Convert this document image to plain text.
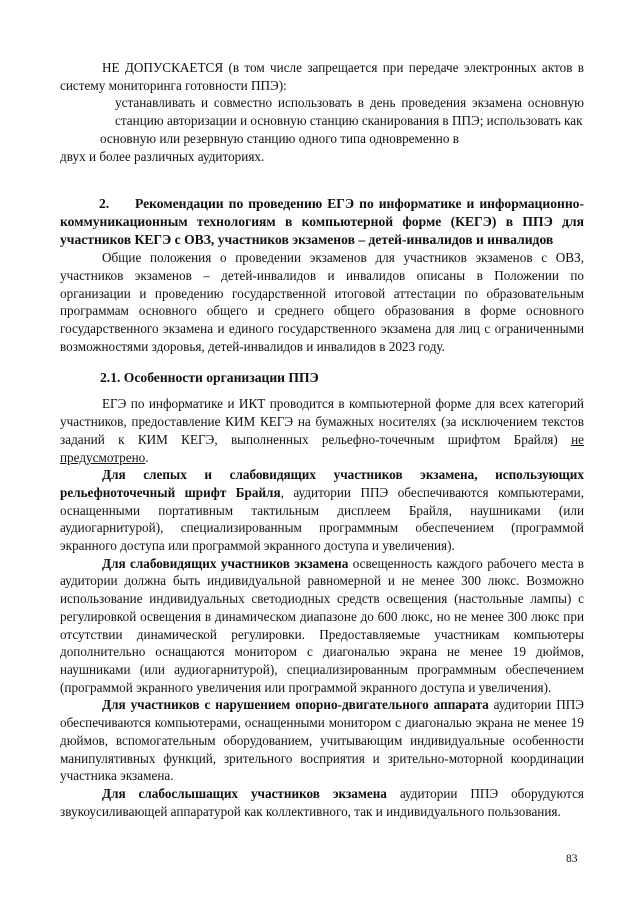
НЕ ДОПУСКАЕТСЯ (в том числе запрещается при передаче электронных актов в систему мониторинга готовности ППЭ):

устанавливать и совместно использовать в день проведения экзамена основную станцию авторизации и основную станцию сканирования в ППЭ; использовать как

основную или резервную станцию одного типа одновременно в

двух и более различных аудиториях.

2. Рекомендации по проведению ЕГЭ по информатике и информационно-коммуникационным технологиям в компьютерной форме (КЕГЭ) в ППЭ для участников КЕГЭ с ОВЗ, участников экзаменов – детей-инвалидов и инвалидов

Общие положения о проведении экзаменов для участников экзаменов с ОВЗ, участников экзаменов – детей-инвалидов и инвалидов описаны в Положении по организации и проведению государственной итоговой аттестации по образовательным программам основного общего и среднего общего образования в форме основного государственного экзамена и единого государственного экзамена для лиц с ограниченными возможностями здоровья, детей-инвалидов и инвалидов в 2023 году.

2.1. Особенности организации ППЭ

ЕГЭ по информатике и ИКТ проводится в компьютерной форме для всех категорий участников, предоставление КИМ КЕГЭ на бумажных носителях (за исключением текстов заданий к КИМ КЕГЭ, выполненных рельефно-точечным шрифтом Брайля) не предусмотрено.

Для слепых и слабовидящих участников экзамена, использующих рельефноточечный шрифт Брайля, аудитории ППЭ обеспечиваются компьютерами, оснащенными портативным тактильным дисплеем Брайля, наушниками (или аудиогарнитурой), специализированным программным обеспечением (программой экранного доступа или программой экранного доступа и увеличения).

Для слабовидящих участников экзамена освещенность каждого рабочего места в аудитории должна быть индивидуальной равномерной и не менее 300 люкс. Возможно использование индивидуальных светодиодных средств освещения (настольные лампы) с регулировкой освещения в динамическом диапазоне до 600 люкс, но не менее 300 люкс при отсутствии динамической регулировки. Предоставляемые участникам компьютеры дополнительно оснащаются монитором с диагональю экрана не менее 19 дюймов, наушниками (или аудиогарнитурой), специализированным программным обеспечением (программой экранного увеличения или программой экранного доступа и увеличения).

Для участников с нарушением опорно-двигательного аппарата аудитории ППЭ обеспечиваются компьютерами, оснащенными монитором с диагональю экрана не менее 19 дюймов, вспомогательным оборудованием, учитывающим индивидуальные особенности манипулятивных функций, зрительного восприятия и зрительно-моторной координации участника экзамена.

Для слабослышащих участников экзамена аудитории ППЭ оборудуются звукоусиливающей аппаратурой как коллективного, так и индивидуального пользования.

83
